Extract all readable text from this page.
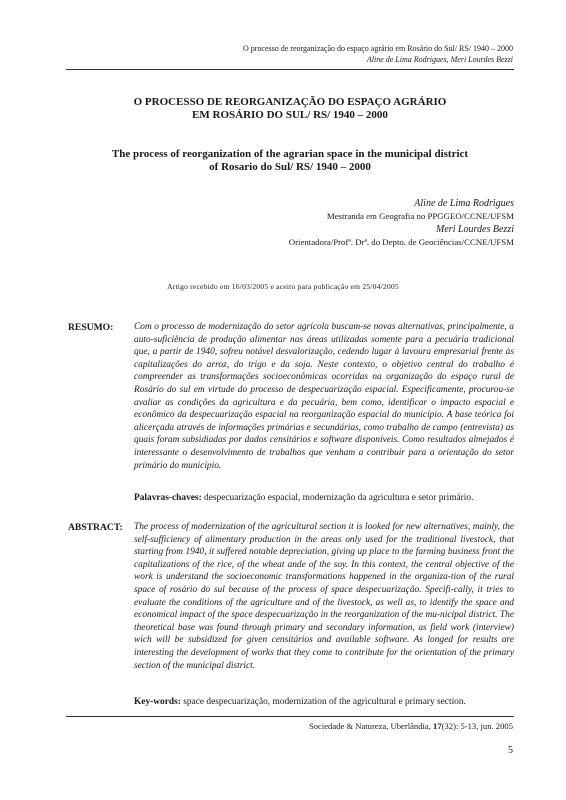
O processo de reorganização do espaço agrário em Rosário do Sul/ RS/ 1940 – 2000
Aline de Lima Rodrigues, Meri Lourdes Bezzi
O PROCESSO DE REORGANIZAÇÃO DO ESPAÇO AGRÁRIO
EM ROSÁRIO DO SUL/ RS/ 1940 – 2000
The process of reorganization of the agrarian space in the municipal district
of Rosario do Sul/ RS/ 1940 – 2000
Aline de Lima Rodrigues
Mestranda em Geografia no PPGGEO/CCNE/UFSM
Meri Lourdes Bezzi
Orientadora/Profª. Drª. do Depto. de Geociências/CCNE/UFSM
Artigo recebido em 16/03/2005 e aceito para publicação em 25/04/2005
RESUMO: Com o processo de modernização do setor agrícola buscam-se novas alternativas, principalmente, a auto-suficiência de produção alimentar nas áreas utilizadas somente para a pecuária tradicional que, a partir de 1940, sofreu notável desvalorização, cedendo lugar à lavoura empresarial frente às capitalizações do arroz, do trigo e da soja. Neste contexto, o objetivo central do trabalho é compreender as transformações socioeconômicas ocorridas na organização do espaço rural de Rosário do sul em virtude do processo de despecuarização espacial. Especificamente, procurou-se avaliar as condições da agricultura e da pecuária, bem como, identificar o impacto espacial e econômico da despecuarização espacial na reorganização espacial do município. A base teórica foi alicerçada através de informações primárias e secundárias, como trabalho de campo (entrevista) as quais foram subsidiadas por dados censitários e software disponíveis. Como resultados almejados é interessante o desenvolvimento de trabalhos que venham a contribuir para a orientação do setor primário do município.
Palavras-chaves: despecuarização espacial, modernização da agricultura e setor primário.
ABSTRACT: The process of modernization of the agricultural section it is looked for new alternatives, mainly, the self-sufficiency of alimentary production in the areas only used for the traditional livestock, that starting from 1940, it suffered notable depreciation, giving up place to the farming business front the capitalizations of the rice, of the wheat ande of the soy. In this context, the central objective of the work is understand the socioeconomic transformations happened in the organiza-tion of the rural space of rosário do sul because of the process of space despecuarização. Specifi-cally, it tries to evaluate the conditions of the agriculture and of the livestock, as well as, to identify the space and economical impact of the space despecuarização in the reorganization of the mu-nicipal district. The theoretical base was found through primary and secondary information, as field work (interview) wich will be subsidized for given censitários and available software. As longed for results are interesting the development of works that they come to contribute for the orientation of the primary section of the municipal district.
Key-words: space despecuarização, modernization of the agricultural e primary section.
Sociedade & Natureza, Uberlândia, 17(32): 5-13, jun. 2005
5
